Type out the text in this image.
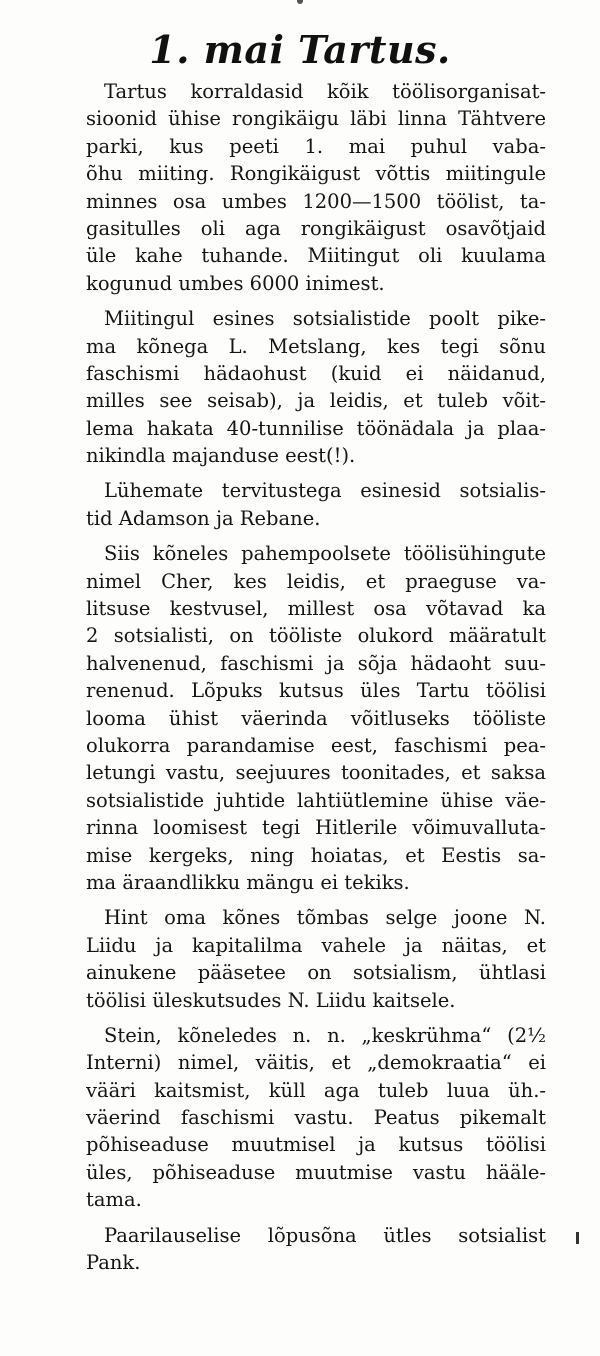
1. mai Tartus.
Tartus korraldasid kõik töölisorganisat-
sioonid ühise rongikäigu läbi linna Tähtvere
parki, kus peeti 1. mai puhul vaba-
õhu miiting. Rongikäigust võttis miitingule
minnes osa umbes 1200—1500 töölist, ta-
gasitulles oli aga rongikäigust osavõtjaid
üle kahe tuhande. Miitingut oli kuulama
kogunud umbes 6000 inimest.
Miitingul esines sotsialistide poolt pike-
ma kõnega L. Metslang, kes tegi sõnu
faschismi hädaohust (kuid ei näidanud,
milles see seisab), ja leidis, et tuleb võit-
lema hakata 40-tunnilise töönädala ja plaa-
nikindla majanduse eest(!).
Lühemate tervitustega esinesid sotsialis-
tid Adamson ja Rebane.
Siis kõneles pahempoolsete töölisühingute
nimel Cher, kes leidis, et praeguse va-
litsuse kestvusel, millest osa võtavad ka
2 sotsialisti, on tööliste olukord määratult
halvenenud, faschismi ja sõja hädaoht suu-
renenud. Lõpuks kutsus üles Tartu töölisi
looma ühist väerinda võitluseks tööliste
olukorra parandamise eest, faschismi pea-
letungi vastu, seejuures toonitades, et saksa
sotsialistide juhtide lahtiütlemine ühise väe-
rinna loomisest tegi Hitlerile võimuvalluta-
mise kergeks, ning hoiatas, et Eestis sa-
ma äraandlikku mängu ei tekiks.
Hint oma kõnes tõmbas selge joone N.
Liidu ja kapitalilma vahele ja näitas, et
ainukene pääsetee on sotsialism, ühtlasi
töölisi üleskutsudes N. Liidu kaitsele.
Stein, kõneledes n. n. „keskrühma“ (2½
Interni) nimel, väitis, et „demokraatia“ ei
vääri kaitsmist, küll aga tuleb luua üh.-
väerind faschismi vastu. Peatus pikemalt
põhiseaduse muutmisel ja kutsus töölisi
üles, põhiseaduse muutmise vastu hääle-
tama.
Paarilauselise lõpusõna ütles sotsialist
Pank.
